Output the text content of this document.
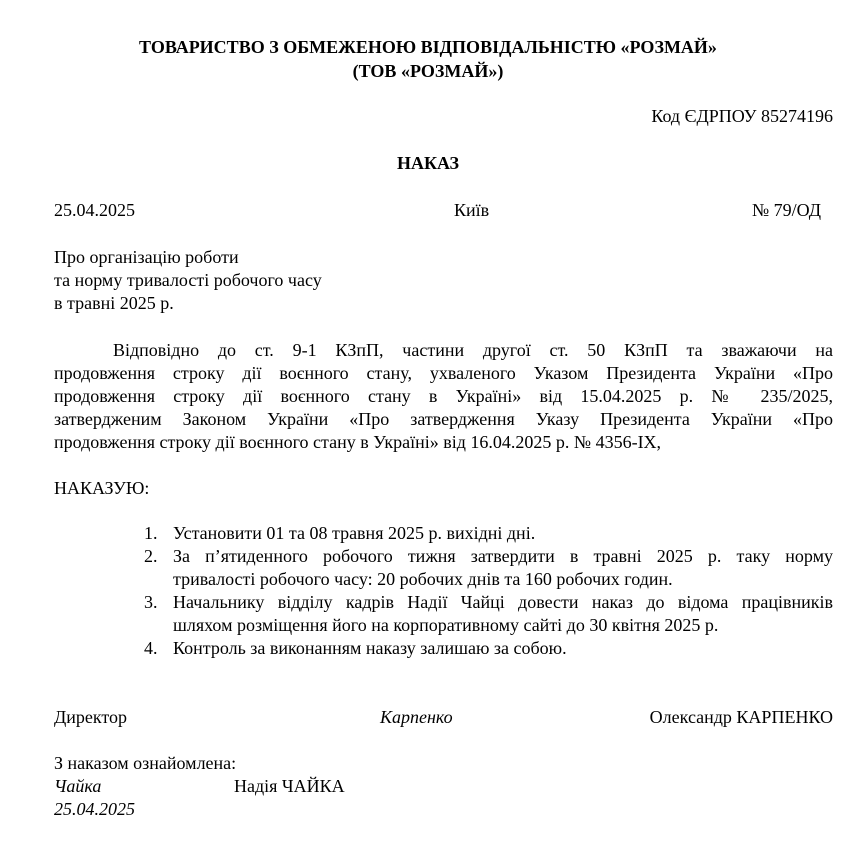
ТОВАРИСТВО З ОБМЕЖЕНОЮ ВІДПОВІДАЛЬНІСТЮ «РОЗМАЙ»
(ТОВ «РОЗМАЙ»)
Код ЄДРПОУ 85274196
НАКАЗ
25.04.2025	Київ	№ 79/ОД
Про організацію роботи
та норму тривалості робочого часу
в травні 2025 р.
Відповідно до ст. 9-1 КЗпП, частини другої ст. 50 КЗпП та зважаючи на
продовження строку дії воєнного стану, ухваленого Указом Президента України «Про
продовження строку дії воєнного стану в Україні» від 15.04.2025 р. № 235/2025,
затвердженим Законом України «Про затвердження Указу Президента України «Про
продовження строку дії воєнного стану в Україні» від 16.04.2025 р. № 4356-ІХ,
НАКАЗУЮ:
1. Установити 01 та 08 травня 2025 р. вихідні дні.
2. За п’ятиденного робочого тижня затвердити в травні 2025 р. таку норму
тривалості робочого часу: 20 робочих днів та 160 робочих годин.
3. Начальнику відділу кадрів Надії Чайці довести наказ до відома працівників
шляхом розміщення його на корпоративному сайті до 30 квітня 2025 р.
4. Контроль за виконанням наказу залишаю за собою.
Директор	Карпенко	Олександр КАРПЕНКО
З наказом ознайомлена:
Чайка	Надія ЧАЙКА
25.04.2025
